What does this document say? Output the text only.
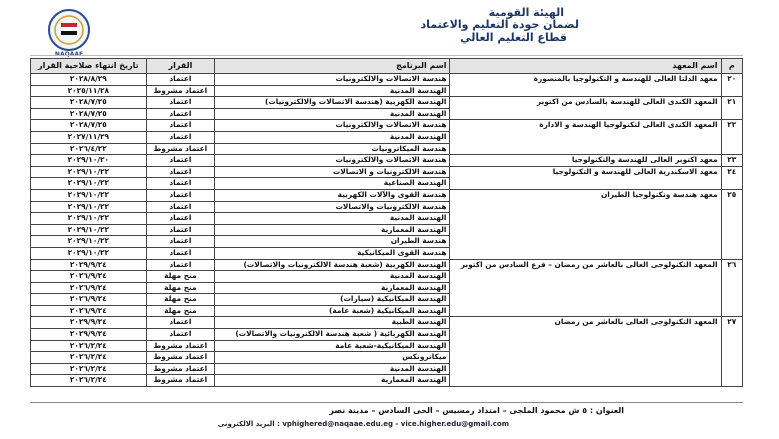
الهيئة القومية
لضمان جودة التعليم والاعتماد
قطاع التعليم العالي
NAQAAE
م	اسم المعهد	اسم البرنامج	القرار	تاريخ انتهاء صلاحية القرار
٢٠	معهد الدلتا العالى للهندسة و التكنولوجيا بالمنصورة	هندسة الاتصالات والالكترونيات	اعتماد	٢٠٢٨/٨/٢٩
		الهندسة المدنية	اعتماد مشروط	٢٠٢٥/١١/٢٨
٢١	المعهد الكندى العالى للهندسة بالسادس من اكتوبر	الهندسة الكهربية (هندسة الاتصالات والالكترونيات)	اعتماد	٢٠٢٨/٧/٢٥
		الهندسة المدنية	اعتماد	٢٠٢٨/٧/٢٥
٢٢	المعهد الكندى العالى لتكنولوجيا الهندسة و الادارة	هندسة الاتصالات والالكترونيات	اعتماد	٢٠٢٨/٧/٢٥
		الهندسة المدنية	اعتماد	٢٠٢٧/١١/٢٩
		هندسة الميكاترونيات	اعتماد مشروط	٢٠٢٦/٤/٢٢
٢٣	معهد اكتوبر العالى للهندسة والتكنولوجيا	هندسة الاتصالات والالكترونيات	اعتماد	٢٠٢٩/١٠/٢٠
٢٤	معهد الاسكندرية العالى للهندسة و التكنولوجيا	هندسة الالكترونيات و الاتصالات	اعتماد	٢٠٢٩/١٠/٢٢
		الهندسة الصناعية	اعتماد	٢٠٢٩/١٠/٢٢
٢٥	معهد هندسة وتكنولوجيا الطيران	هندسة القوى والآلات الكهربية	اعتماد	٢٠٢٩/١٠/٢٢
		هندسة الالكترونيات والاتصالات	اعتماد	٢٠٢٩/١٠/٢٢
		الهندسة المدنية	اعتماد	٢٠٢٩/١٠/٢٢
		الهندسة المعمارية	اعتماد	٢٠٢٩/١٠/٢٢
		هندسة الطيران	اعتماد	٢٠٢٩/١٠/٢٢
		هندسة القوى الميكانيكية	اعتماد	٢٠٢٩/١٠/٢٢
٢٦	المعهد التكنولوجى العالى بالعاشر من رمضان – فرع السادس من اكتوبر	الهندسة الكهربية (شعبة هندسة الالكترونيات والاتصالات)	اعتماد	٢٠٢٩/٩/٢٤
		الهندسة المدنية	منح مهلة	٢٠٢٦/٩/٢٤
		الهندسة المعمارية	منح مهلة	٢٠٢٦/٩/٢٤
		الهندسة الميكانيكية (سيارات)	منح مهلة	٢٠٢٦/٩/٢٤
		الهندسة الميكانيكية (شعبة عامة)	منح مهلة	٢٠٢٦/٩/٢٤
٢٧	المعهد التكنولوجى العالى بالعاشر من رمضان	الهندسة الطبية	اعتماد	٢٠٢٩/٩/٢٤
		الهندسة الكهربائية ( شعبة هندسة الالكترونيات والاتصالات)	اعتماد	٢٠٢٩/٩/٢٤
		الهندسة الميكانيكية-شعبة عامة	اعتماد مشروط	٢٠٢٦/٢/٢٤
		ميكاترونكس	اعتماد مشروط	٢٠٢٦/٢/٢٤
		الهندسة المدنية	اعتماد مشروط	٢٠٢٦/٢/٢٤
		الهندسة المعمارية	اعتماد مشروط	٢٠٢٦/٢/٢٤
العنوان : ٥ ش محمود الملجى – امتداد رمسيس – الحى السادس – مدينة نصر
vphighered@naqaae.edu.eg - vice.higher.edu@gmail.com : البريد الالكترونى
